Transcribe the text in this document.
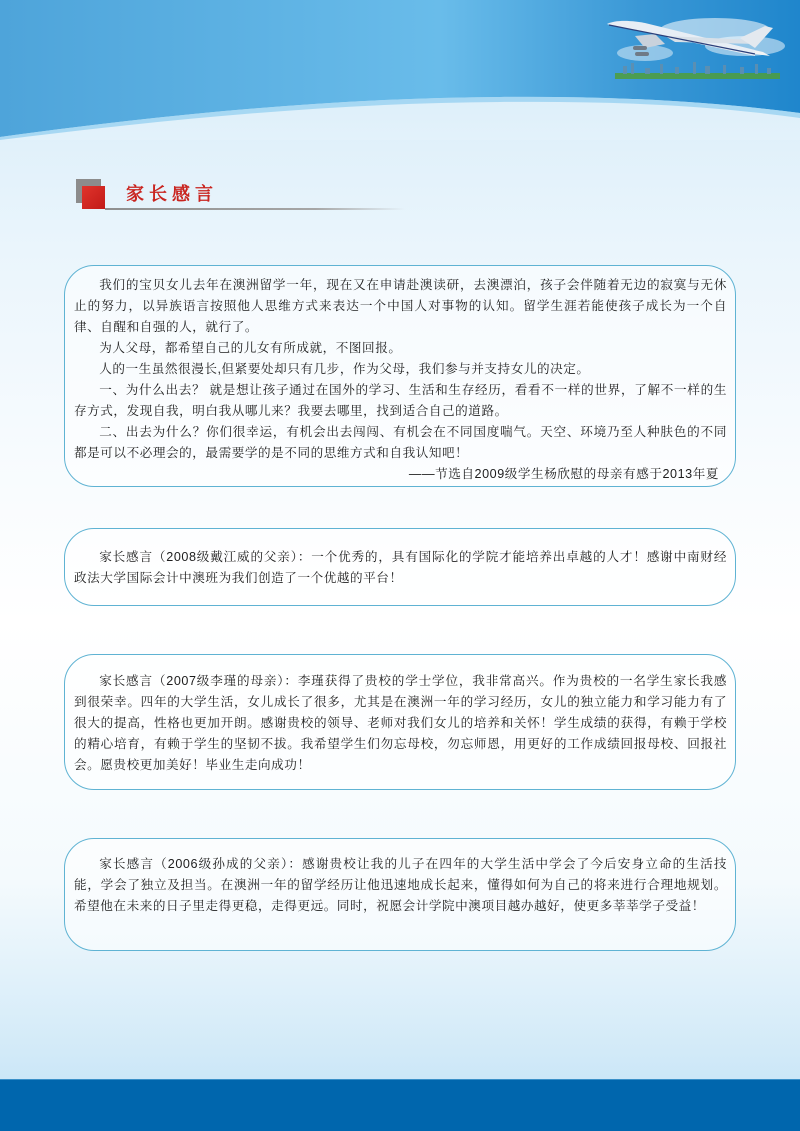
家长感言

我们的宝贝女儿去年在澳洲留学一年，现在又在申请赴澳读研，去澳漂泊，孩子会伴随着无边的寂寞与无休止的努力，以异族语言按照他人思维方式来表达一个中国人对事物的认知。留学生涯若能使孩子成长为一个自律、自醒和自强的人，就行了。

为人父母，都希望自己的儿女有所成就，不图回报。

人的一生虽然很漫长,但紧要处却只有几步，作为父母，我们参与并支持女儿的决定。

一、为什么出去？ 就是想让孩子通过在国外的学习、生活和生存经历，看看不一样的世界，了解不一样的生存方式，发现自我，明白我从哪儿来？我要去哪里，找到适合自己的道路。

二、出去为什么？你们很幸运，有机会出去闯闯、有机会在不同国度喘气。天空、环境乃至人种肤色的不同都是可以不必理会的，最需要学的是不同的思维方式和自我认知吧！

——节选自2009级学生杨欣慰的母亲有感于2013年夏

家长感言（2008级戴江威的父亲）：一个优秀的，具有国际化的学院才能培养出卓越的人才！感谢中南财经政法大学国际会计中澳班为我们创造了一个优越的平台！

家长感言（2007级李瑾的母亲）：李瑾获得了贵校的学士学位，我非常高兴。作为贵校的一名学生家长我感到很荣幸。四年的大学生活，女儿成长了很多，尤其是在澳洲一年的学习经历，女儿的独立能力和学习能力有了很大的提高，性格也更加开朗。感谢贵校的领导、老师对我们女儿的培养和关怀！学生成绩的获得，有赖于学校的精心培育，有赖于学生的坚韧不拔。我希望学生们勿忘母校，勿忘师恩，用更好的工作成绩回报母校、回报社会。愿贵校更加美好！毕业生走向成功！

家长感言（2006级孙成的父亲）：感谢贵校让我的儿子在四年的大学生活中学会了今后安身立命的生活技能，学会了独立及担当。在澳洲一年的留学经历让他迅速地成长起来，懂得如何为自己的将来进行合理地规划。希望他在未来的日子里走得更稳，走得更远。同时，祝愿会计学院中澳项目越办越好，使更多莘莘学子受益！
